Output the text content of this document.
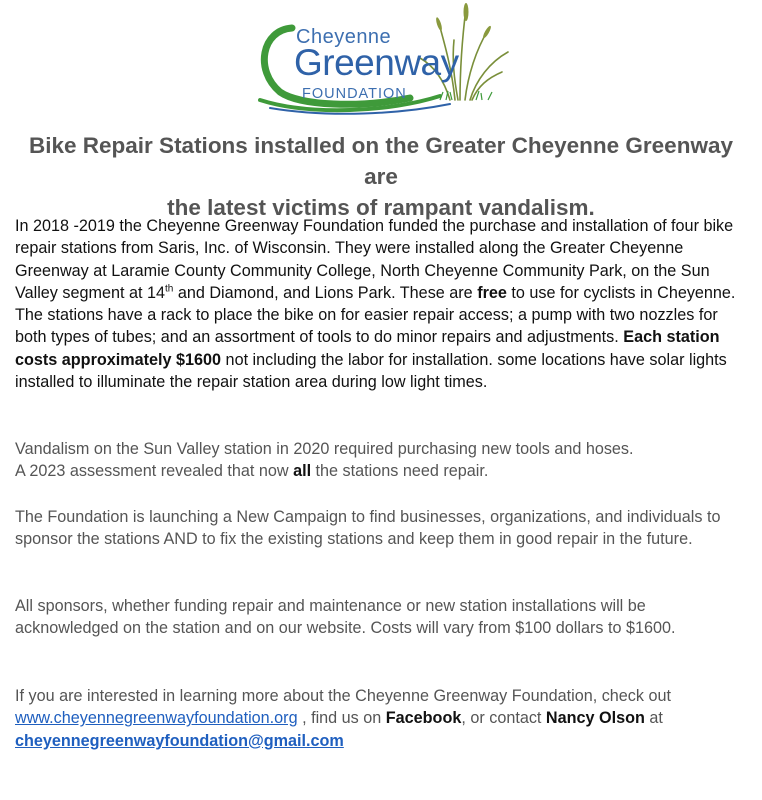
Cheyenne
Greenway
FOUNDATION
Bike Repair Stations installed on the Greater Cheyenne Greenway are
the latest victims of rampant vandalism.

In 2018 -2019 the Cheyenne Greenway Foundation funded the purchase and installation of four bike repair stations from Saris, Inc. of Wisconsin. They were installed along the Greater Cheyenne Greenway at Laramie County Community College, North Cheyenne Community Park, on the Sun Valley segment at 14th and Diamond, and Lions Park. These are free to use for cyclists in Cheyenne. The stations have a rack to place the bike on for easier repair access; a pump with two nozzles for both types of tubes; and an assortment of tools to do minor repairs and adjustments. Each station costs approximately $1600 not including the labor for installation. some locations have solar lights installed to illuminate the repair station area during low light times.

Vandalism on the Sun Valley station in 2020 required purchasing new tools and hoses.
A 2023 assessment revealed that now all the stations need repair.

The Foundation is launching a New Campaign to find businesses, organizations, and individuals to sponsor the stations AND to fix the existing stations and keep them in good repair in the future.

All sponsors, whether funding repair and maintenance or new station installations will be acknowledged on the station and on our website. Costs will vary from $100 dollars to $1600.

If you are interested in learning more about the Cheyenne Greenway Foundation, check out www.cheyennegreenwayfoundation.org , find us on Facebook, or contact Nancy Olson at
cheyennegreenwayfoundation@gmail.com
